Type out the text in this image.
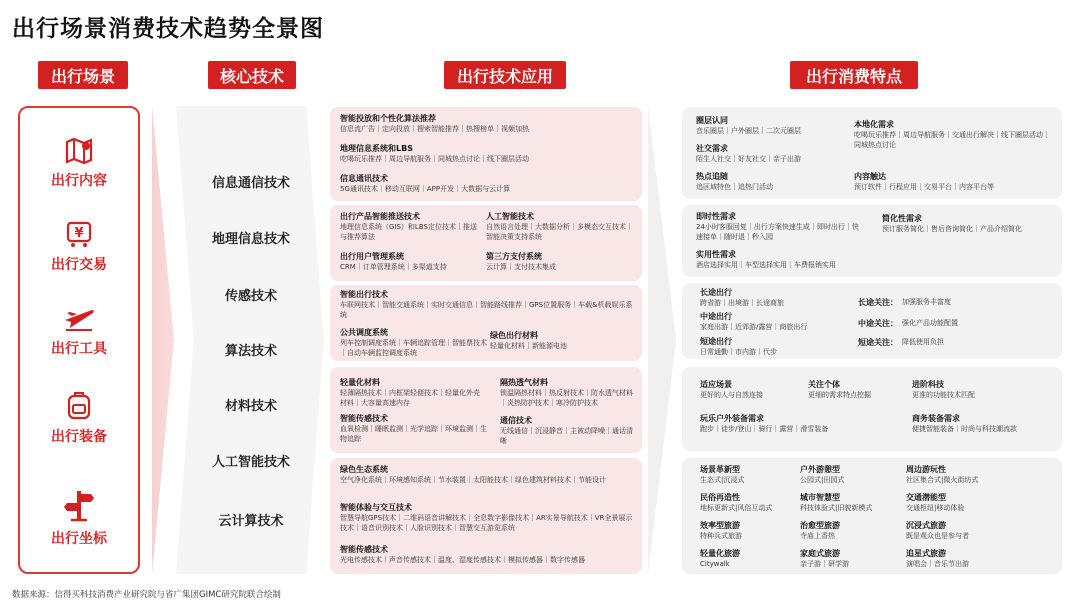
出行场景消费技术趋势全景图
出行场景	核心技术	出行技术应用	出行消费特点
出行内容
¥
出行交易
出行工具
出行装备
出行坐标
信息通信技术
地理信息技术
传感技术
算法技术
材料技术
人工智能技术
云计算技术
智能投放和个性化算法推荐
信息流广告｜定向投放｜搜索智能推荐｜热搜榜单｜视频加热
地理信息系统和LBS
吃喝玩乐推荐｜周边导航服务｜同城热点讨论｜线下圈层活动
信息通讯技术
5G通讯技术｜移动互联网｜APP开发｜大数据与云计算
出行产品智能推送技术
地理信息系统（GIS）和LBS定位技术｜推送与推荐算法
人工智能技术
自然语言处理｜大数据分析｜多模态交互技术｜智能决策支持系统
出行用户管理系统
CRM｜订单管理系统｜多渠道支持
第三方支付系统
云计算｜支付技术集成
智能出行技术
车联网技术｜智能交通系统｜实时交通信息｜智能路线推荐｜GPS位置服务｜车载&机载娱乐系统
公共调度系统
列车控制调度系统｜车辆追踪管理｜智能票技术｜自动车辆监控调度系统
绿色出行材料
轻量化材料｜新能源电池
轻量化材料
轻薄隔热技术｜内框架轻便技术｜轻量化外壳材料｜大容量高速内存
隔热透气材料
锁温隔热材料｜热反射技术｜防水透气材料｜炎热防护技术｜寒冷防护技术
智能传感技术
血氧检测｜睡眠监测｜光学追踪｜环境监测｜生物追踪
通信技术
无线通信｜沉浸静音｜主被动降噪｜通话清晰
绿色生态系统
空气净化系统｜环境感知系统｜节水装置｜太阳能技术｜绿色建筑材料技术｜节能设计
智能体验与交互技术
智慧导航GPS技术｜二维码语音讲解技术｜全息数字影像技术｜AR实景导航技术｜VR全景展示技术｜语音识别技术｜人脸识别技术｜智慧交互游览系统
智能传感技术
光电传感技术｜声音传感技术｜温度、湿度传感技术｜模拟传感器｜数字传感器
圈层认同
音乐圈层｜户外圈层｜二次元圈层
本地化需求
吃喝玩乐推荐｜周边导航服务｜交通出行解决｜线下圈层活动｜同城热点讨论
社交需求
陌生人社交｜好友社交｜亲子出游
热点追随
追区域特色｜追热门活动
内容触达
预订软件｜行程应用｜交易平台｜内容平台等
即时性需求
24小时客服回复｜出行方案快速生成｜即时出行｜快速接单｜随时退｜秒入园
简化性需求
预订服务简化｜售后咨询简化｜产品介绍简化
实用性需求
酒店选择实用｜车型选择实用｜车费报销实用
长途出行
跨省游｜出境游｜长途商旅
中途出行
家庭出游｜近郊游/露营｜商旅出行
短途出行
日常通勤｜市内游｜代步
长途关注： 加强服务丰富度
中途关注： 强化产品功能配置
短途关注： 降低使用负担
适应场景
更好的人与自然连接
关注个体
更细的需求特点挖掘
进阶科技
更准的功能技术匹配
玩乐户外装备需求
跑步｜徒步/登山｜骑行｜露营｜滑雪装备
商务装备需求
便捷智能装备｜时尚与科技潮流款
场景革新型
生态式|沉浸式
户外游憩型
公园式|田园式
周边游玩性
社区集合式|微火街坊式
民俗再造性
地标更新式|风俗互动式
城市智慧型
科技体验式|旧貌新模式
交通潜能型
交通枢纽|移动体验
效率型旅游
特种兵式旅游
治愈型旅游
寺庙上香热
沉浸式旅游
既是观众也是参与者
轻量化旅游
Citywalk
家庭式旅游
亲子游｜研学游
追星式旅游
演唱会｜音乐节出游
数据来源：信得买科技消费产业研究院与省广集团GIMC研究院联合绘制
